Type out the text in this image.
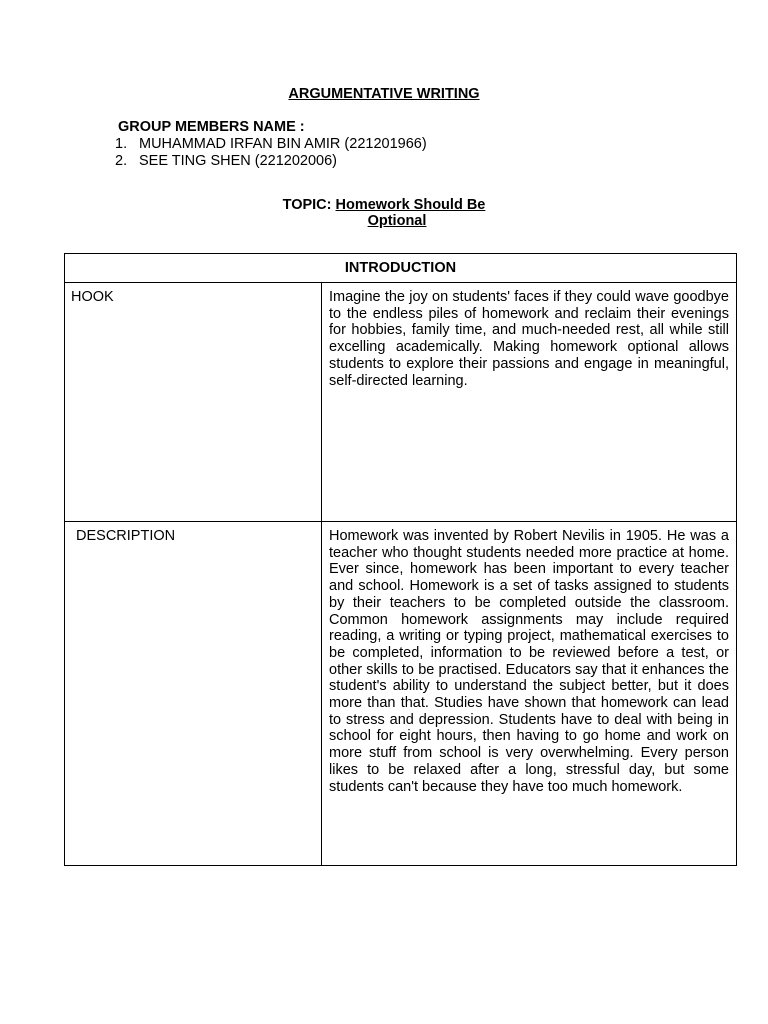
ARGUMENTATIVE WRITING
GROUP MEMBERS NAME :
1. MUHAMMAD IRFAN BIN AMIR (221201966)
2. SEE TING SHEN (221202006)
TOPIC: Homework Should Be
Optional
INTRODUCTION	
HOOK	Imagine the joy on students' faces if they could wave goodbye to the endless piles of homework and reclaim their evenings for hobbies, family time, and much-needed rest, all while still excelling academically. Making homework optional allows students to explore their passions and engage in meaningful, self-directed learning.
DESCRIPTION	Homework was invented by Robert Nevilis in 1905. He was a teacher who thought students needed more practice at home. Ever since, homework has been important to every teacher and school. Homework is a set of tasks assigned to students by their teachers to be completed outside the classroom. Common homework assignments may include required reading, a writing or typing project, mathematical exercises to be completed, information to be reviewed before a test, or other skills to be practised. Educators say that it enhances the student's ability to understand the subject better, but it does more than that. Studies have shown that homework can lead to stress and depression. Students have to deal with being in school for eight hours, then having to go home and work on more stuff from school is very overwhelming. Every person likes to be relaxed after a long, stressful day, but some students can't because they have too much homework.
